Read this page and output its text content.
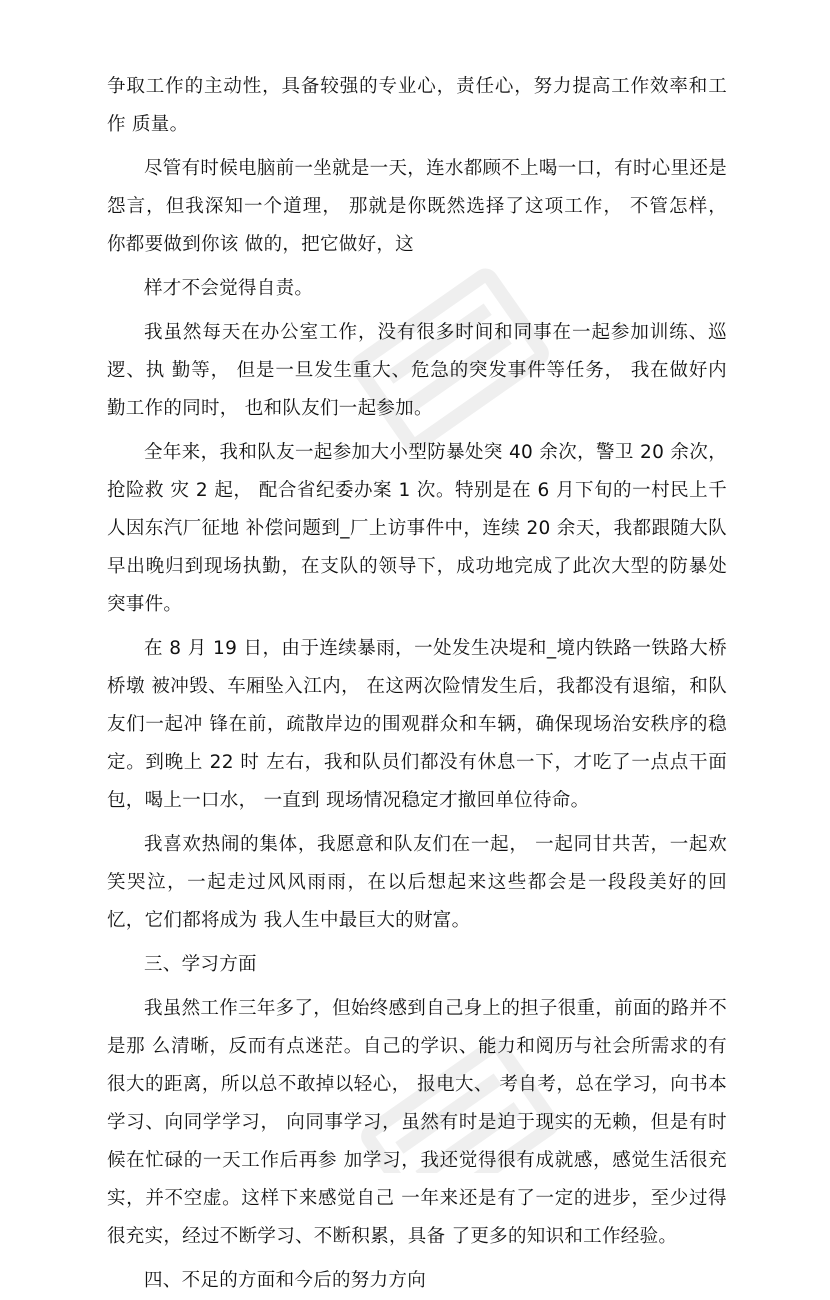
争取工作的主动性，具备较强的专业心，责任心，努力提高工作效率和工作 质量。

尽管有时候电脑前一坐就是一天，连水都顾不上喝一口，有时心里还是怨言，但我深知一个道理， 那就是你既然选择了这项工作， 不管怎样， 你都要做到你该 做的，把它做好，这

样才不会觉得自责。

我虽然每天在办公室工作，没有很多时间和同事在一起参加训练、巡逻、执 勤等， 但是一旦发生重大、危急的突发事件等任务， 我在做好内勤工作的同时， 也和队友们一起参加。

全年来，我和队友一起参加大小型防暴处突 40 余次，警卫 20 余次，抢险救 灾 2 起， 配合省纪委办案 1 次。特别是在 6 月下旬的一村民上千人因东汽厂征地 补偿问题到_厂上访事件中，连续 20 余天，我都跟随大队早出晚归到现场执勤，在支队的领导下，成功地完成了此次大型的防暴处突事件。

在 8 月 19 日，由于连续暴雨，一处发生决堤和_境内铁路一铁路大桥桥墩 被冲毁、车厢坠入江内， 在这两次险情发生后，我都没有退缩，和队友们一起冲 锋在前，疏散岸边的围观群众和车辆，确保现场治安秩序的稳定。到晚上 22 时 左右，我和队员们都没有休息一下，才吃了一点点干面包，喝上一口水， 一直到 现场情况稳定才撤回单位待命。

我喜欢热闹的集体，我愿意和队友们在一起， 一起同甘共苦，一起欢笑哭泣，一起走过风风雨雨，在以后想起来这些都会是一段段美好的回忆，它们都将成为 我人生中最巨大的财富。

三、学习方面

我虽然工作三年多了，但始终感到自己身上的担子很重，前面的路并不是那 么清晰，反而有点迷茫。自己的学识、能力和阅历与社会所需求的有很大的距离，所以总不敢掉以轻心， 报电大、 考自考，总在学习，向书本学习、向同学学习， 向同事学习，虽然有时是迫于现实的无赖，但是有时候在忙碌的一天工作后再参 加学习，我还觉得很有成就感，感觉生活很充实，并不空虚。这样下来感觉自己 一年来还是有了一定的进步，至少过得很充实，经过不断学习、不断积累，具备 了更多的知识和工作经验。

四、不足的方面和今后的努力方向
